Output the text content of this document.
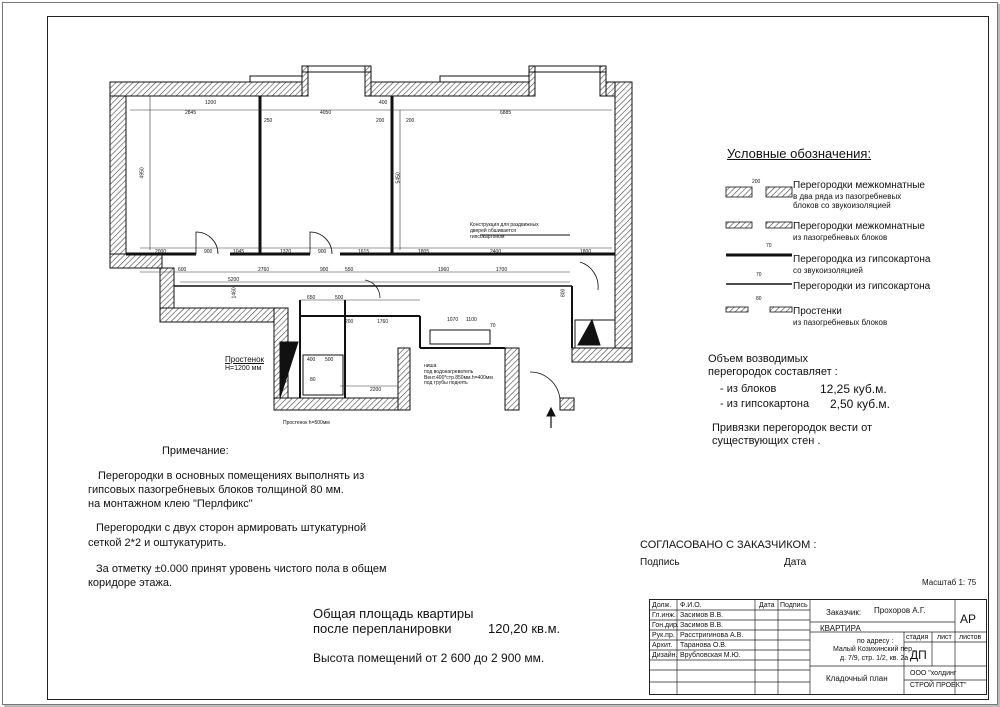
Конструкция для раздвижных
дверей обшивается
гипсокартоном
Простенок
H=1200 мм
Простенок h=500мм
ниша
под водонагреватель
Вент.400*стр.850мм.h=400мм
под трубы поднять
1200
2845	4050
400
6885
250	200	200
4950	5450
1460	800
2000	900	1045	1320	900	1615	1805	1800
2400
600	2760	900	550	1960	1700
5200
650	500
200	1760	1070 1100
400 500
2200
70
80
Условные обозначения:
200	Перегородки межкомнатные
в два ряда из пазогребневых блоков со звукоизоляцией
Перегородки межкомнатные
из пазогребневых блоков
70
Перегородка из гипсокартона
со звукоизоляцией
70
Перегородки из гипсокартона
80
Простенки
из пазогребневых блоков
Объем возводимых
перегородок составляет :
- из блоков	12,25 куб.м.
- из гипсокартона 2,50 куб.м.
Привязки перегородок вести от
существующих стен .
Примечание:
Перегородки в основных помещениях выполнять из
гипсовых пазогребневых блоков толщиной 80 мм.
на монтажном клею "Перлфикс"
Перегородки с двух сторон армировать штукатурной
сеткой 2*2 и оштукатурить.
За отметку ±0.000 принят уровень чистого пола в общем
коридоре этажа.
Общая площадь квартиры
после перепланировки	120,20 кв.м.
Высота помещений от 2 600 до 2 900 мм.
СОГЛАСОВАНО С ЗАКАЗЧИКОМ :
Подпись	Дата
Масштаб 1: 75
Долж. Ф.И.О.	Дата Подпись
Гл.инж. Засимов В.В.
Гон.дир. Засимов В.В.
Рук.пр. Расстригинова А.В.
Архит. Таранова О.В.
Дизайн. Врубловская М.Ю.
Заказчик: Прохоров А.Г.
АР
КВАРТИРА
по адресу :
Малый Козихинский пер.,
д. 7/9, стр. 1/2, кв. 2а
стадия лист листов
ДП
Кладочный план
ООО "холдинг
СТРОЙ ПРОЕКТ"
